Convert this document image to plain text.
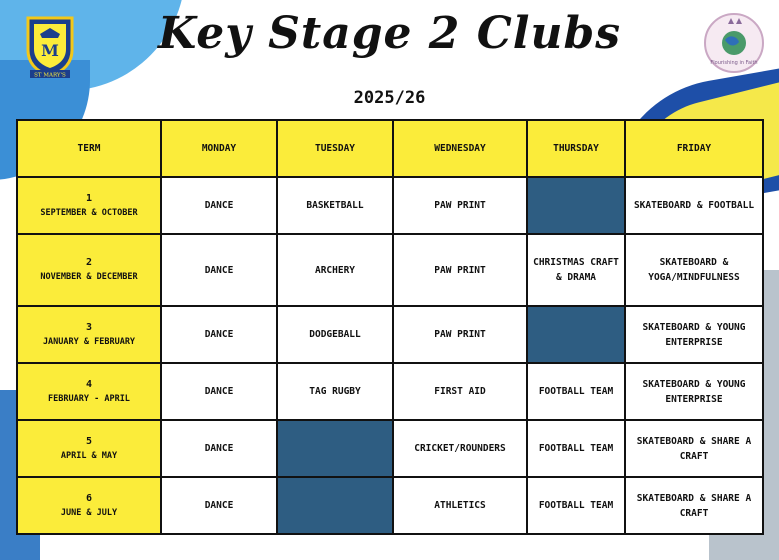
M
ST MARY'S
Flourishing in Faith
Key Stage 2 Clubs
2025/26
TERM	MONDAY	TUESDAY	WEDNESDAY	THURSDAY	FRIDAY

1
SEPTEMBER & OCTOBER	DANCE	BASKETBALL	PAW PRINT		SKATEBOARD & FOOTBALL

2
NOVEMBER & DECEMBER	DANCE	ARCHERY	PAW PRINT	CHRISTMAS CRAFT & DRAMA	SKATEBOARD & YOGA/MINDFULNESS

3
JANUARY & FEBRUARY	DANCE	DODGEBALL	PAW PRINT		SKATEBOARD & YOUNG ENTERPRISE

4
FEBRUARY - APRIL	DANCE	TAG RUGBY	FIRST AID	FOOTBALL TEAM	SKATEBOARD & YOUNG ENTERPRISE

5
APRIL & MAY	DANCE		CRICKET/ROUNDERS	FOOTBALL TEAM	SKATEBOARD & SHARE A CRAFT

6
JUNE & JULY	DANCE		ATHLETICS	FOOTBALL TEAM	SKATEBOARD & SHARE A CRAFT
